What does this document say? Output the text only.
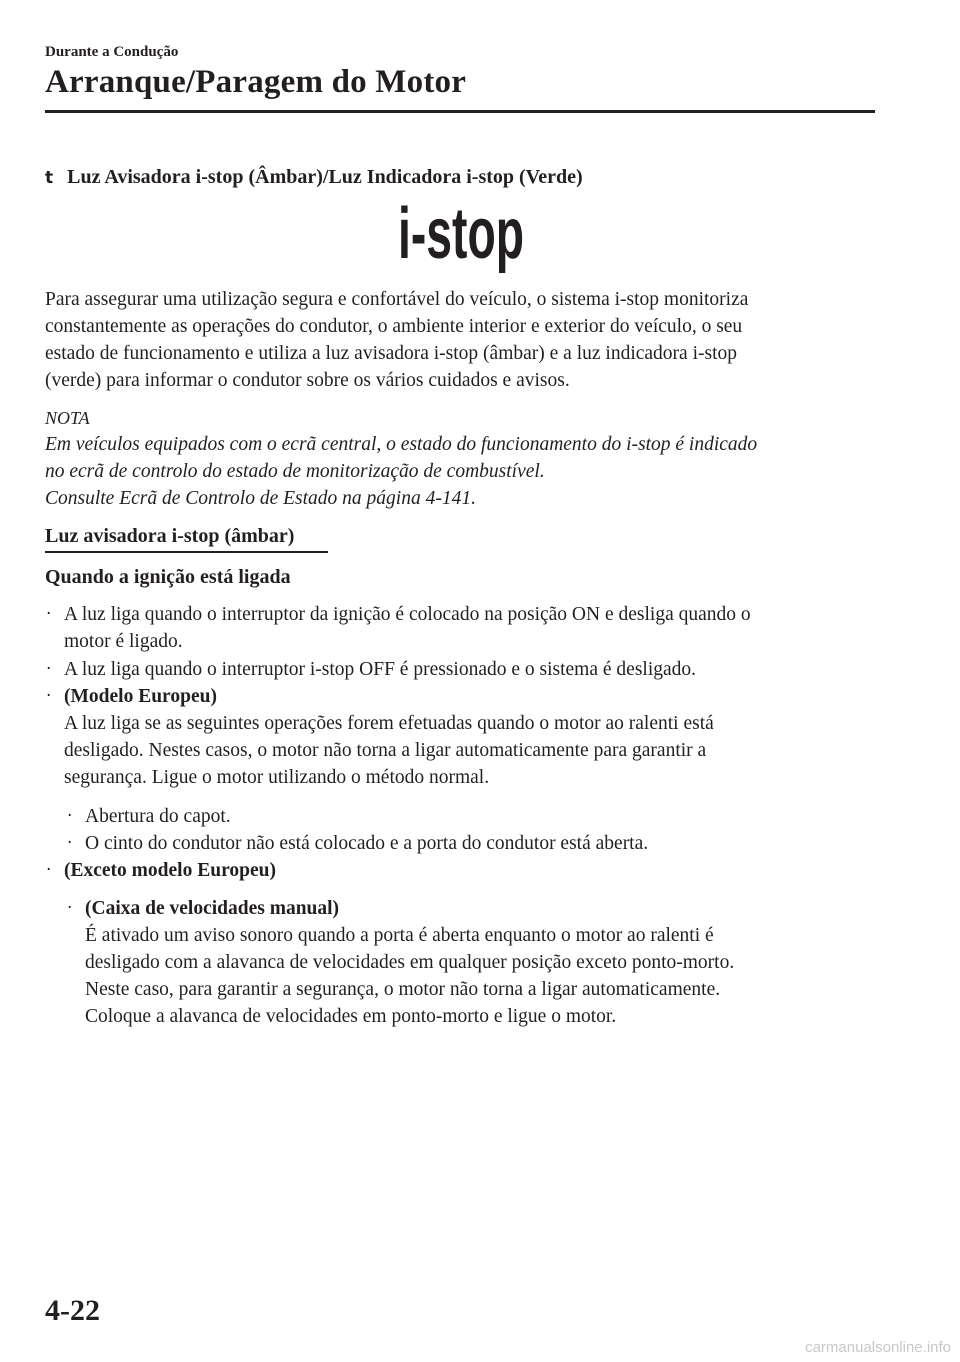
Durante a Condução
Arranque/Paragem do Motor
t Luz Avisadora i-stop (Âmbar)/Luz Indicadora i-stop (Verde)
i-stop

Para assegurar uma utilização segura e confortável do veículo, o sistema i-stop monitoriza
constantemente as operações do condutor, o ambiente interior e exterior do veículo, o seu
estado de funcionamento e utiliza a luz avisadora i-stop (âmbar) e a luz indicadora i-stop
(verde) para informar o condutor sobre os vários cuidados e avisos.

NOTA

Em veículos equipados com o ecrã central, o estado do funcionamento do i-stop é indicado
no ecrã de controlo do estado de monitorização de combustível.
Consulte Ecrã de Controlo de Estado na página 4-141.

Luz avisadora i-stop (âmbar)
Quando a ignição está ligada
· A luz liga quando o interruptor da ignição é colocado na posição ON e desliga quando o
motor é ligado.
· A luz liga quando o interruptor i-stop OFF é pressionado e o sistema é desligado.
· (Modelo Europeu)
A luz liga se as seguintes operações forem efetuadas quando o motor ao ralenti está
desligado. Nestes casos, o motor não torna a ligar automaticamente para garantir a
segurança. Ligue o motor utilizando o método normal.
· Abertura do capot.
· O cinto do condutor não está colocado e a porta do condutor está aberta.
· (Exceto modelo Europeu)
· (Caixa de velocidades manual)
É ativado um aviso sonoro quando a porta é aberta enquanto o motor ao ralenti é
desligado com a alavanca de velocidades em qualquer posição exceto ponto-morto.
Neste caso, para garantir a segurança, o motor não torna a ligar automaticamente.
Coloque a alavanca de velocidades em ponto-morto e ligue o motor.
4-22
carmanualsonline.info
